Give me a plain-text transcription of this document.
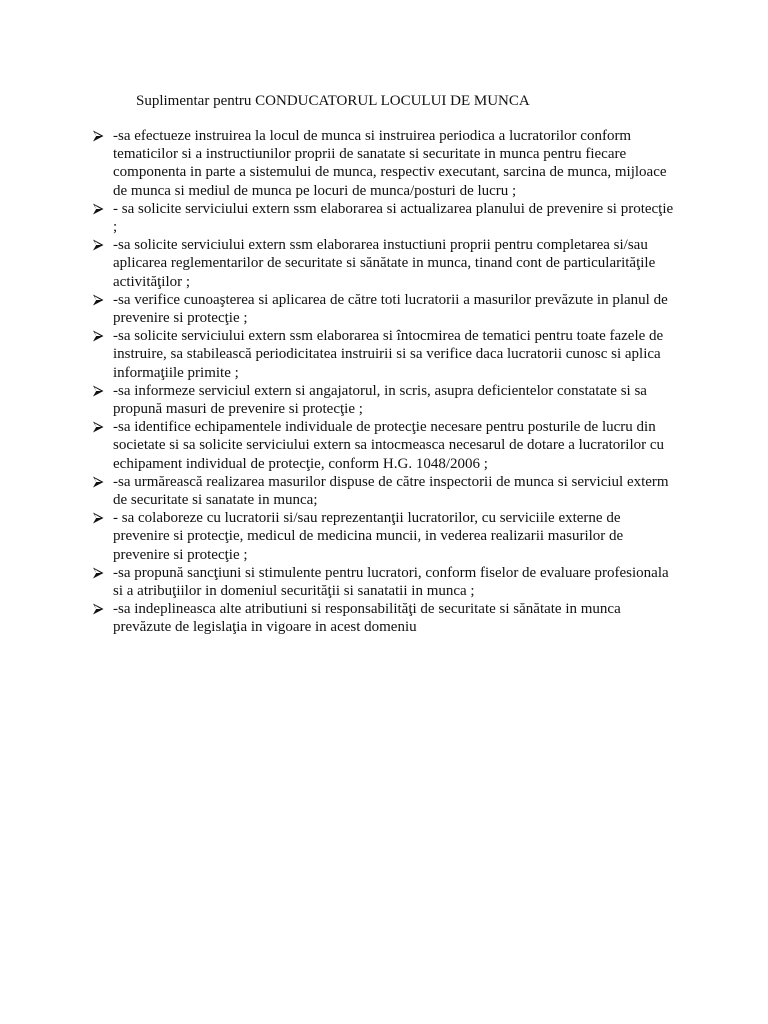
Suplimentar pentru CONDUCATORUL LOCULUI DE MUNCA
-sa efectueze instruirea la locul de munca si instruirea periodica a lucratorilor conform tematicilor si a instructiunilor proprii de sanatate si securitate in munca pentru fiecare componenta in parte a sistemului de munca, respectiv executant, sarcina de munca, mijloace de munca si mediul de munca pe locuri de munca/posturi de lucru ;
- sa solicite serviciului extern ssm elaborarea si actualizarea planului de prevenire si protecţie ;
-sa solicite serviciului extern ssm elaborarea instuctiuni proprii pentru completarea si/sau aplicarea reglementarilor de securitate si sănătate in munca, tinand cont de particularităţile activităţilor ;
-sa verifice cunoaşterea si aplicarea de către toti lucratorii a masurilor prevăzute in planul de prevenire si protecţie ;
-sa solicite serviciului extern ssm elaborarea si întocmirea de tematici pentru toate fazele de instruire, sa stabilească periodicitatea instruirii si sa verifice daca lucratorii cunosc si aplica informaţiile primite ;
-sa informeze serviciul extern si angajatorul, in scris, asupra deficientelor constatate si sa propună masuri de prevenire si protecţie ;
-sa identifice echipamentele individuale de protecţie necesare pentru posturile de lucru din societate si sa solicite serviciului extern sa intocmeasca necesarul de dotare a lucratorilor cu echipament individual de protecţie, conform H.G. 1048/2006 ;
-sa urmărească realizarea masurilor dispuse de către inspectorii de munca si serviciul exterm de securitate si sanatate in munca;
- sa colaboreze cu lucratorii si/sau reprezentanţii lucratorilor, cu serviciile externe de prevenire si protecţie, medicul de medicina muncii, in vederea realizarii masurilor de prevenire si protecţie ;
-sa propună sancţiuni si stimulente pentru lucratori, conform fiselor de evaluare profesionala si a atribuţiilor in domeniul securităţii si sanatatii in munca ;
-sa indeplineasca alte atributiuni si responsabilităţi de securitate si sănătate in munca prevăzute de legislaţia in vigoare in acest domeniu
